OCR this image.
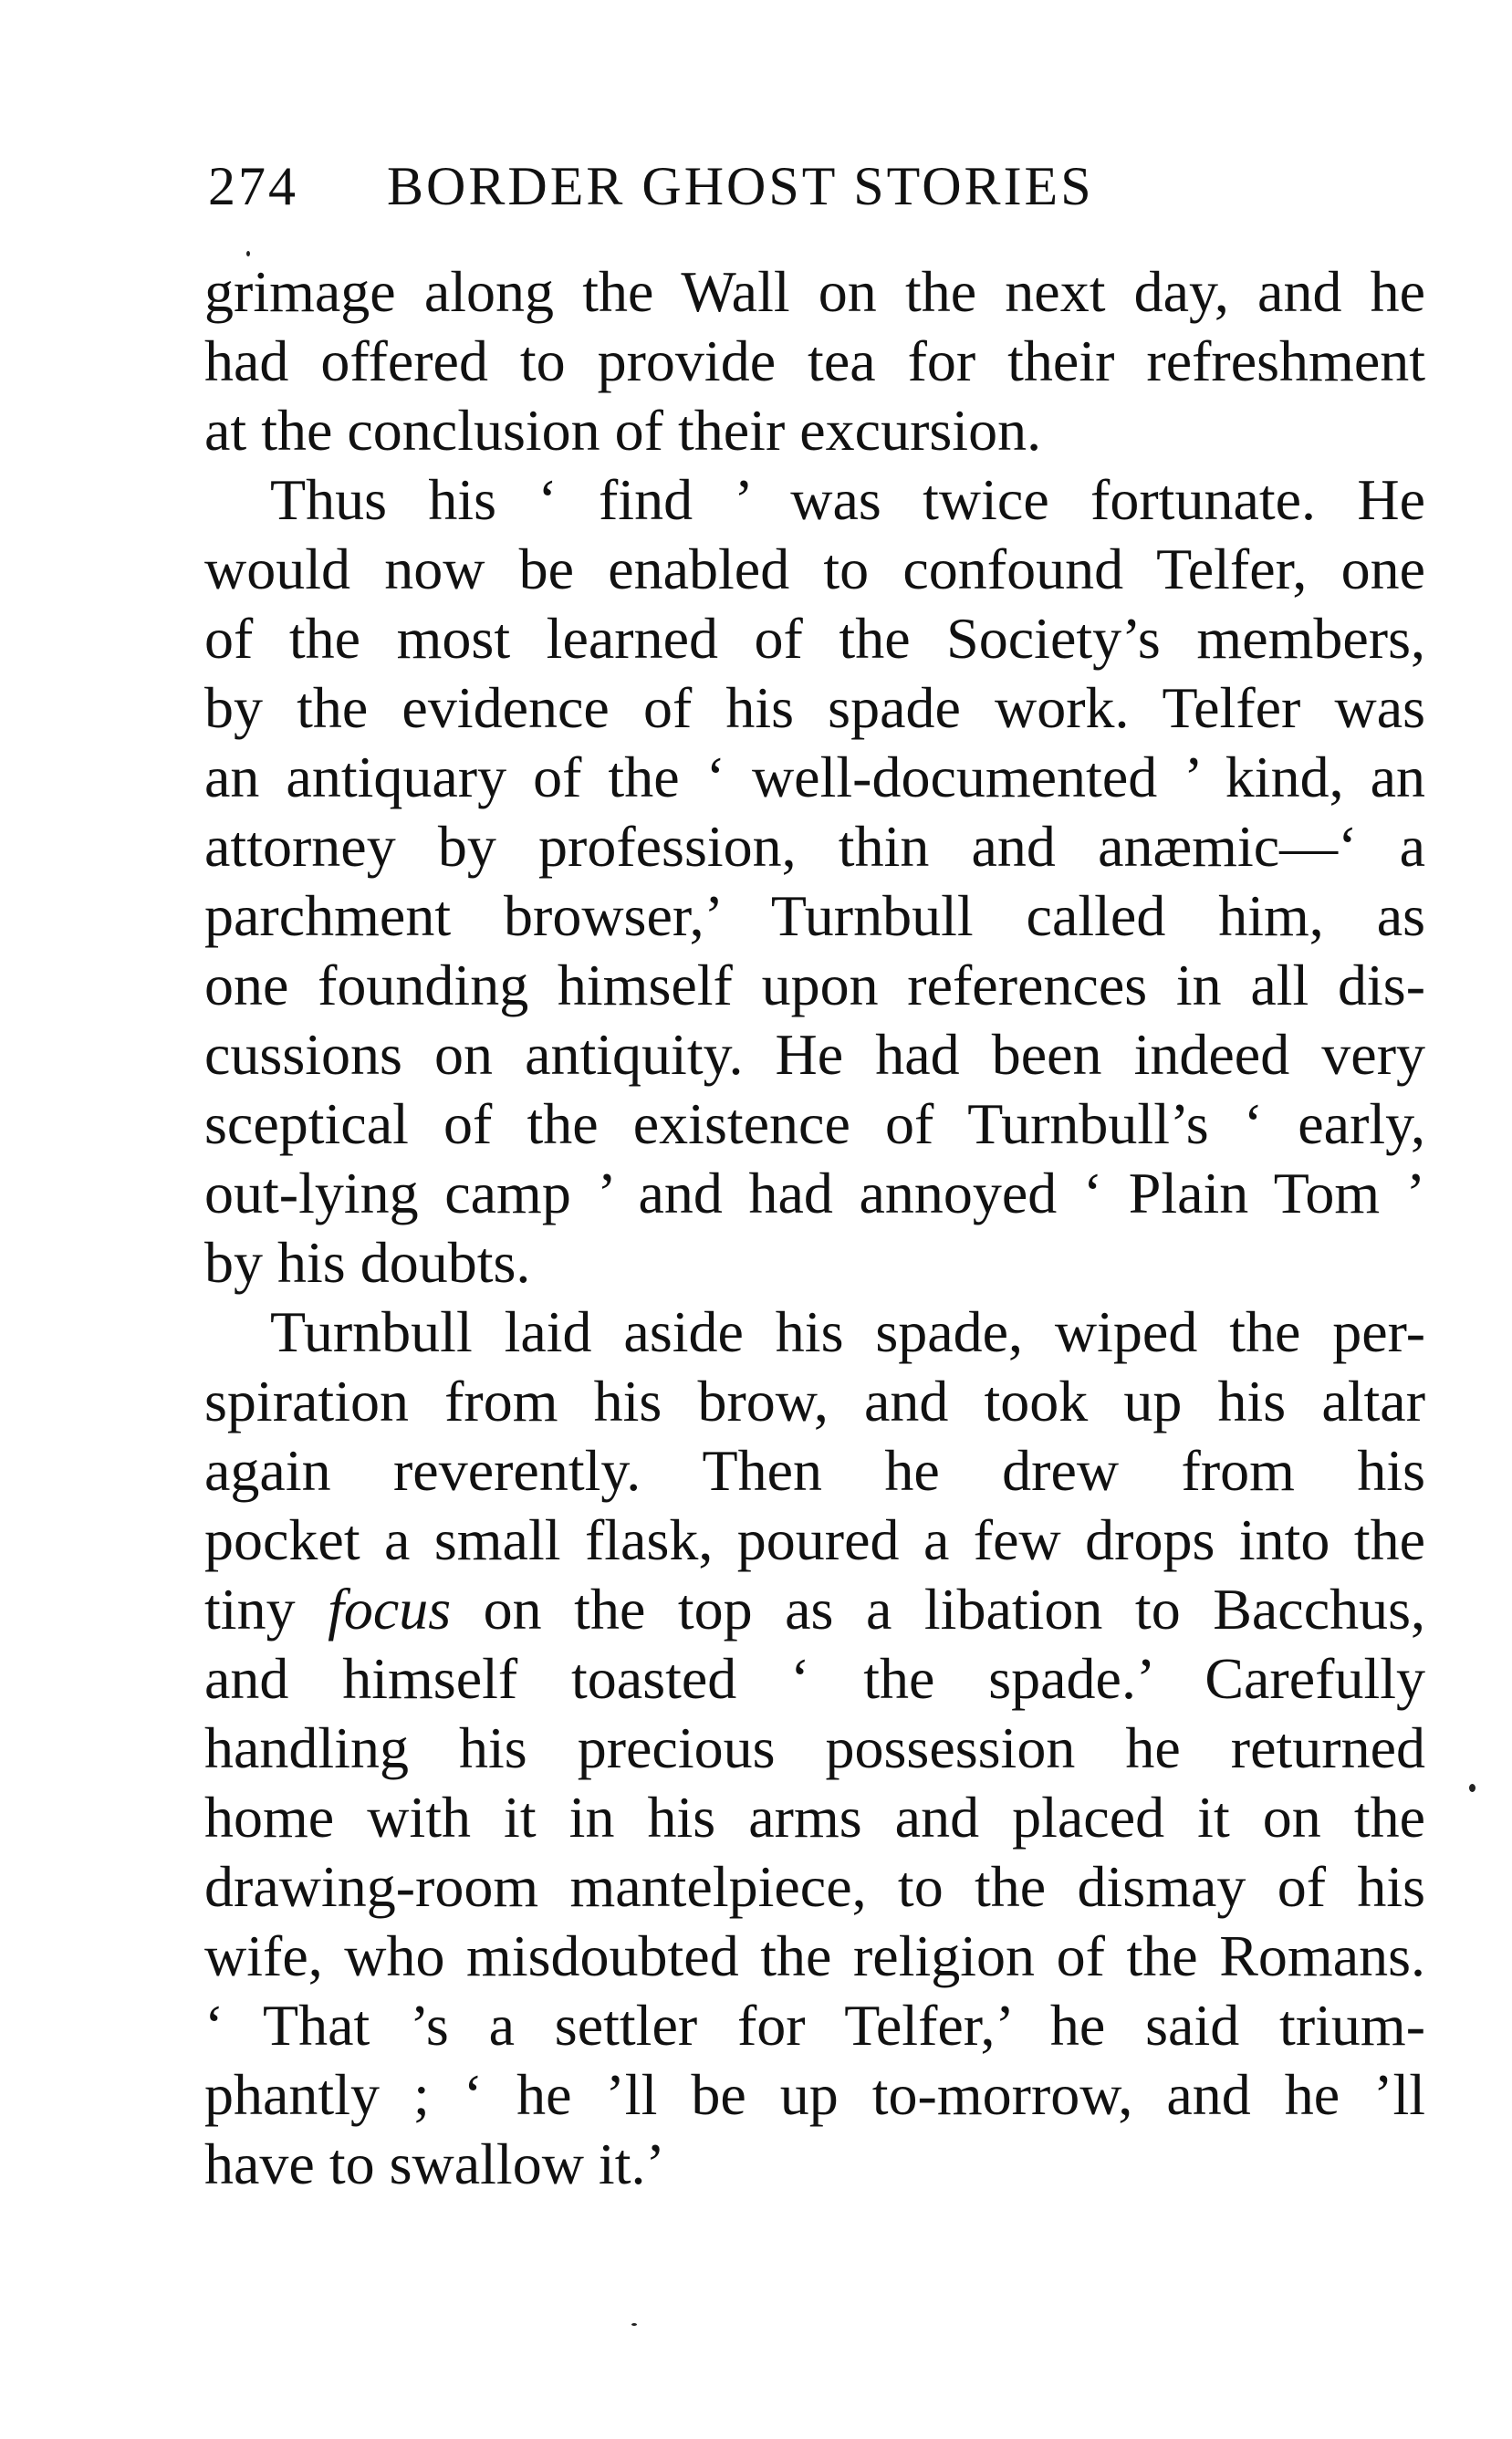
274 BORDER GHOST STORIES
grimage along the Wall on the next day, and he
had offered to provide tea for their refreshment
at the conclusion of their excursion.
Thus his ‘ find ’ was twice fortunate. He
would now be enabled to confound Telfer, one
of the most learned of the Society’s members,
by the evidence of his spade work. Telfer was
an antiquary of the ‘ well-documented ’ kind, an
attorney by profession, thin and anæmic—‘ a
parchment browser,’ Turnbull called him, as
one founding himself upon references in all dis-
cussions on antiquity. He had been indeed very
sceptical of the existence of Turnbull’s ‘ early,
out-lying camp ’ and had annoyed ‘ Plain Tom ’
by his doubts.
Turnbull laid aside his spade, wiped the per-
spiration from his brow, and took up his altar
again reverently. Then he drew from his
pocket a small flask, poured a few drops into the
tiny focus on the top as a libation to Bacchus,
and himself toasted ‘ the spade.’ Carefully
handling his precious possession he returned
home with it in his arms and placed it on the
drawing-room mantelpiece, to the dismay of his
wife, who misdoubted the religion of the Romans.
‘ That ’s a settler for Telfer,’ he said trium-
phantly ; ‘ he ’ll be up to-morrow, and he ’ll
have to swallow it.’
